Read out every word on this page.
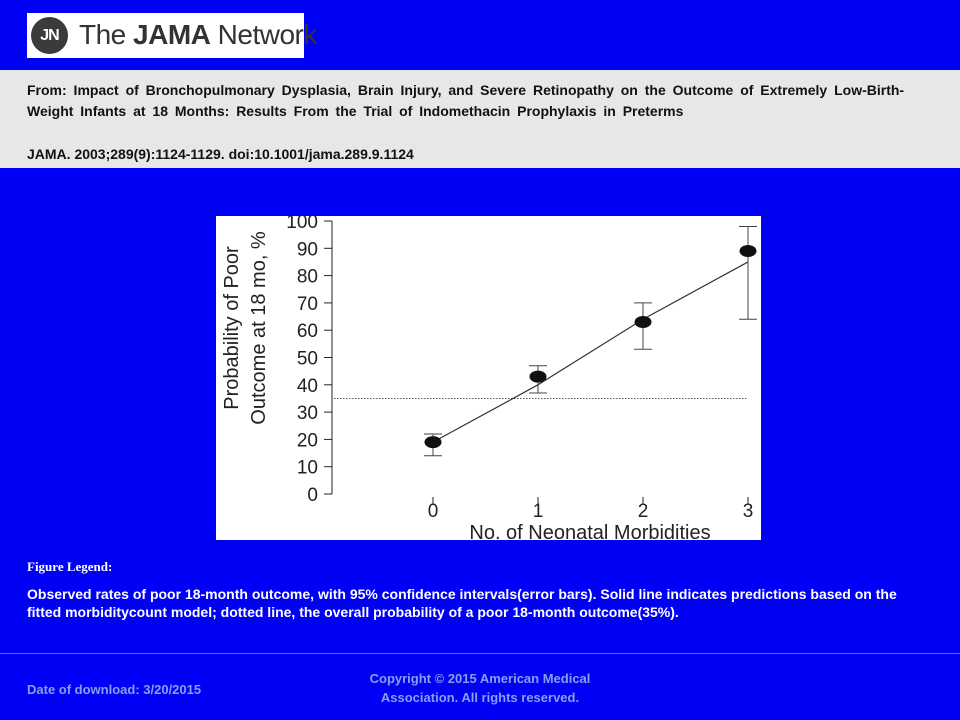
JN The JAMA Network
From: Impact of Bronchopulmonary Dysplasia, Brain Injury, and Severe Retinopathy on the Outcome of Extremely Low-Birth-Weight Infants at 18 Months: Results From the Trial of Indomethacin Prophylaxis in Preterms
JAMA. 2003;289(9):1124-1129. doi:10.1001/jama.289.9.1124
0
10
20
30
40
50
60
70
80
90
100
Probability of Poor Outcome at 18 mo, %
0	1	2	3
No. of Neonatal Morbidities
Figure Legend:
Observed rates of poor 18-month outcome, with 95% confidence intervals(error bars). Solid line indicates predictions based on the fitted morbiditycount model; dotted line, the overall probability of a poor 18-month outcome(35%).
Date of download: 3/20/2015
Copyright © 2015 American Medical
Association. All rights reserved.
